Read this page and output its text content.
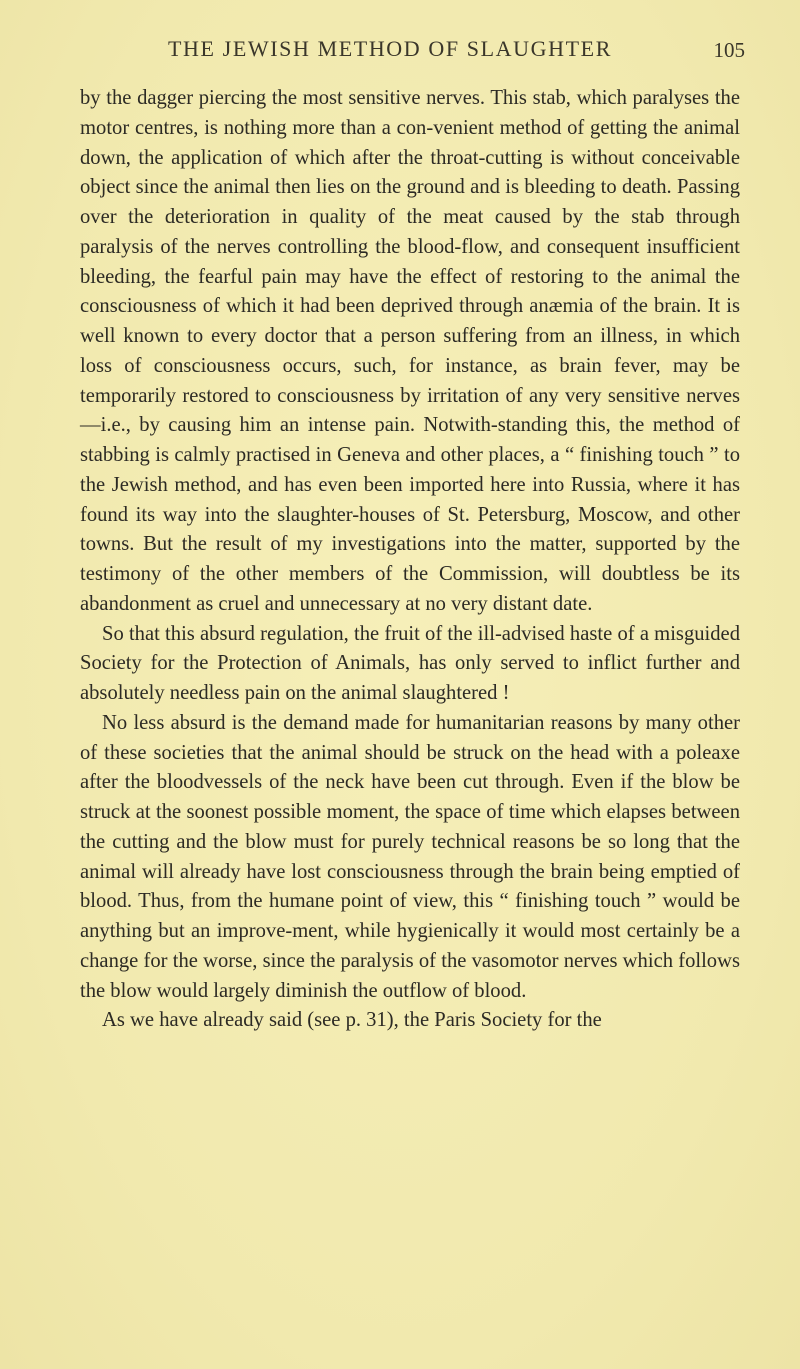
THE JEWISH METHOD OF SLAUGHTER	105

by the dagger piercing the most sensitive nerves. This stab, which paralyses the motor centres, is nothing more than a con-venient method of getting the animal down, the application of which after the throat-cutting is without conceivable object since the animal then lies on the ground and is bleeding to death. Passing over the deterioration in quality of the meat caused by the stab through paralysis of the nerves controlling the blood-flow, and consequent insufficient bleeding, the fearful pain may have the effect of restoring to the animal the consciousness of which it had been deprived through anæmia of the brain. It is well known to every doctor that a person suffering from an illness, in which loss of consciousness occurs, such, for instance, as brain fever, may be temporarily restored to consciousness by irritation of any very sensitive nerves—i.e., by causing him an intense pain. Notwith-standing this, the method of stabbing is calmly practised in Geneva and other places, a “ finishing touch ” to the Jewish method, and has even been imported here into Russia, where it has found its way into the slaughter-houses of St. Petersburg, Moscow, and other towns. But the result of my investigations into the matter, supported by the testimony of the other members of the Commission, will doubtless be its abandonment as cruel and unnecessary at no very distant date.

So that this absurd regulation, the fruit of the ill-advised haste of a misguided Society for the Protection of Animals, has only served to inflict further and absolutely needless pain on the animal slaughtered !

No less absurd is the demand made for humanitarian reasons by many other of these societies that the animal should be struck on the head with a poleaxe after the bloodvessels of the neck have been cut through. Even if the blow be struck at the soonest possible moment, the space of time which elapses between the cutting and the blow must for purely technical reasons be so long that the animal will already have lost consciousness through the brain being emptied of blood. Thus, from the humane point of view, this “ finishing touch ” would be anything but an improve-ment, while hygienically it would most certainly be a change for the worse, since the paralysis of the vasomotor nerves which follows the blow would largely diminish the outflow of blood.

As we have already said (see p. 31), the Paris Society for the
